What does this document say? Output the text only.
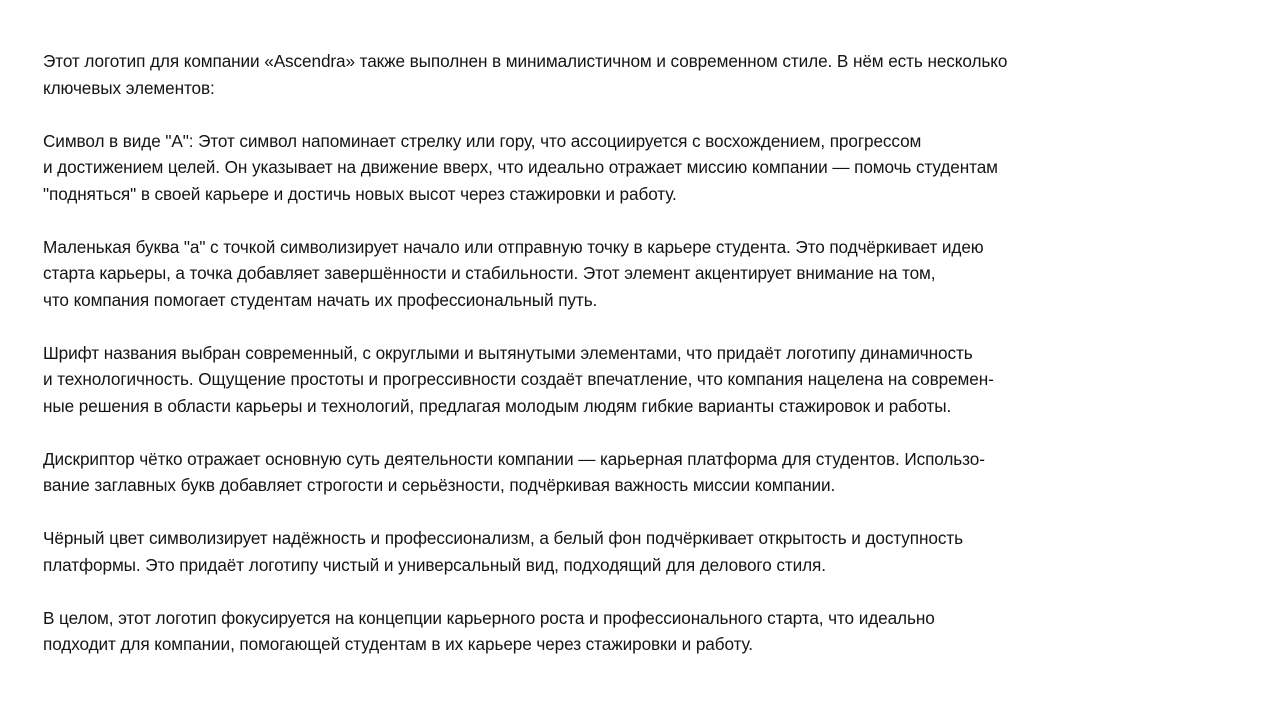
Этот логотип для компании «Ascendra» также выполнен в минималистичном и современном стиле. В нём есть несколько
ключевых элементов:

Символ в виде "A": Этот символ напоминает стрелку или гору, что ассоциируется с восхождением, прогрессом
и достижением целей. Он указывает на движение вверх, что идеально отражает миссию компании — помочь студентам
"подняться" в своей карьере и достичь новых высот через стажировки и работу.

Маленькая буква "a" с точкой символизирует начало или отправную точку в карьере студента. Это подчёркивает идею
старта карьеры, а точка добавляет завершённости и стабильности. Этот элемент акцентирует внимание на том,
что компания помогает студентам начать их профессиональный путь.

Шрифт названия выбран современный, с округлыми и вытянутыми элементами, что придаёт логотипу динамичность
и технологичность. Ощущение простоты и прогрессивности создаёт впечатление, что компания нацелена на современ-
ные решения в области карьеры и технологий, предлагая молодым людям гибкие варианты стажировок и работы.

Дискриптор чётко отражает основную суть деятельности компании — карьерная платформа для студентов. Использо-
вание заглавных букв добавляет строгости и серьёзности, подчёркивая важность миссии компании.

Чёрный цвет символизирует надёжность и профессионализм, а белый фон подчёркивает открытость и доступность
платформы. Это придаёт логотипу чистый и универсальный вид, подходящий для делового стиля.

В целом, этот логотип фокусируется на концепции карьерного роста и профессионального старта, что идеально
подходит для компании, помогающей студентам в их карьере через стажировки и работу.
